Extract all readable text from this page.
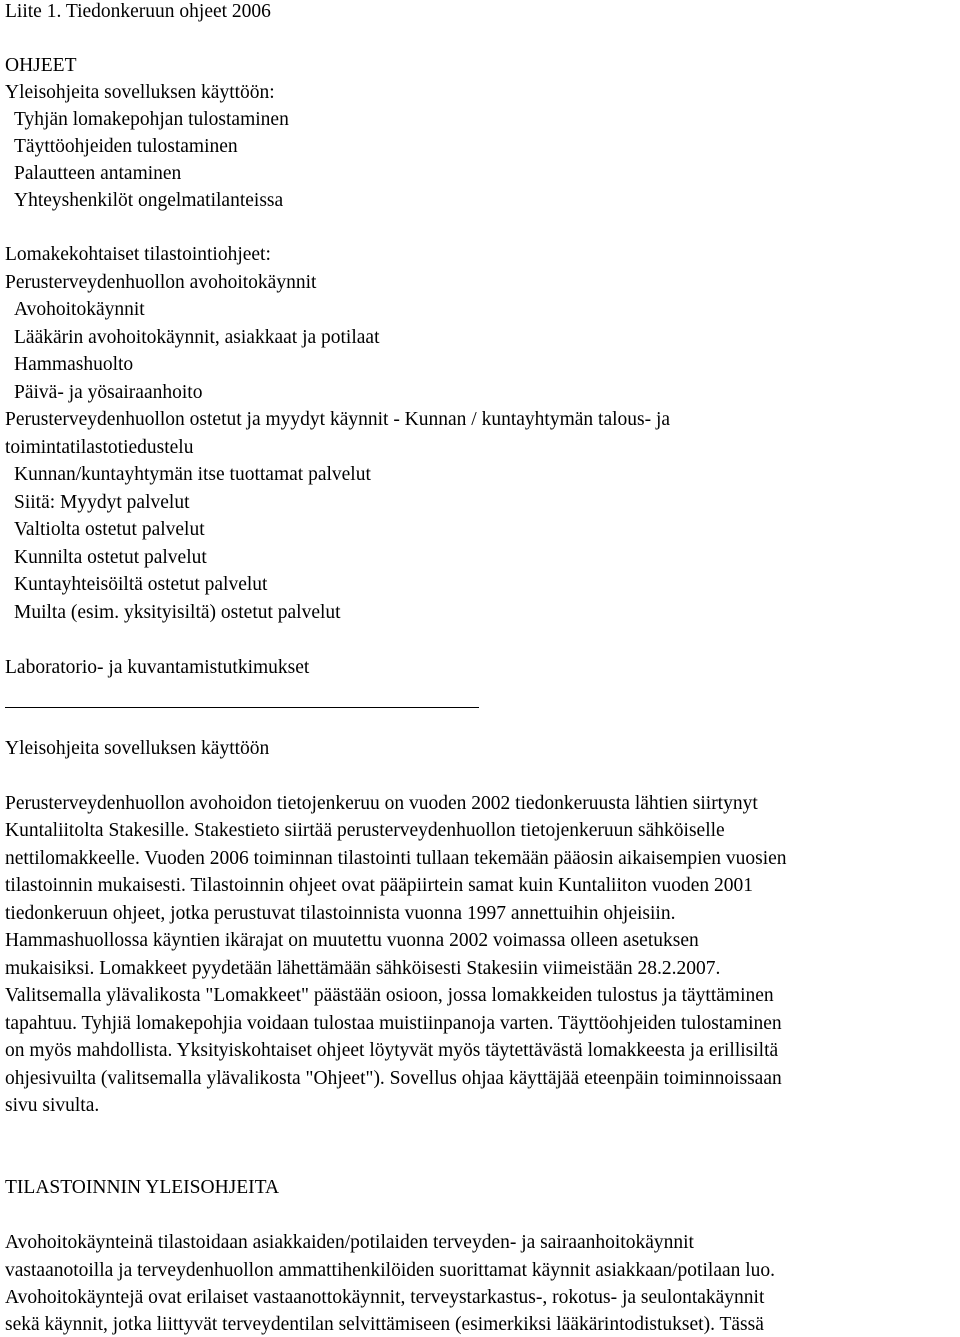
Liite 1. Tiedonkeruun ohjeet 2006
OHJEET
Yleisohjeita sovelluksen käyttöön:
Tyhjän lomakepohjan tulostaminen
Täyttöohjeiden tulostaminen
Palautteen antaminen
Yhteyshenkilöt ongelmatilanteissa
Lomakekohtaiset tilastointiohjeet:
Perusterveydenhuollon avohoitokäynnit
Avohoitokäynnit
Lääkärin avohoitokäynnit, asiakkaat ja potilaat
Hammashuolto
Päivä- ja yösairaanhoito
Perusterveydenhuollon ostetut ja myydyt käynnit - Kunnan / kuntayhtymän talous- ja
toimintatilastotiedustelu
Kunnan/kuntayhtymän itse tuottamat palvelut
Siitä: Myydyt palvelut
Valtiolta ostetut palvelut
Kunnilta ostetut palvelut
Kuntayhteisöiltä ostetut palvelut
Muilta (esim. yksityisiltä) ostetut palvelut
Laboratorio- ja kuvantamistutkimukset
Yleisohjeita sovelluksen käyttöön
Perusterveydenhuollon avohoidon tietojenkeruu on vuoden 2002 tiedonkeruusta lähtien siirtynyt
Kuntaliitolta Stakesille. Stakestieto siirtää perusterveydenhuollon tietojenkeruun sähköiselle
nettilomakkeelle. Vuoden 2006 toiminnan tilastointi tullaan tekemään pääosin aikaisempien vuosien
tilastoinnin mukaisesti. Tilastoinnin ohjeet ovat pääpiirtein samat kuin Kuntaliiton vuoden 2001
tiedonkeruun ohjeet, jotka perustuvat tilastoinnista vuonna 1997 annettuihin ohjeisiin.
Hammashuollossa käyntien ikärajat on muutettu vuonna 2002 voimassa olleen asetuksen
mukaisiksi. Lomakkeet pyydetään lähettämään sähköisesti Stakesiin viimeistään 28.2.2007.
Valitsemalla ylävalikosta "Lomakkeet" päästään osioon, jossa lomakkeiden tulostus ja täyttäminen
tapahtuu. Tyhjiä lomakepohjia voidaan tulostaa muistiinpanoja varten. Täyttöohjeiden tulostaminen
on myös mahdollista. Yksityiskohtaiset ohjeet löytyvät myös täytettävästä lomakkeesta ja erillisiltä
ohjesivuilta (valitsemalla ylävalikosta "Ohjeet"). Sovellus ohjaa käyttäjää eteenpäin toiminnoissaan
sivu sivulta.
TILASTOINNIN YLEISOHJEITA
Avohoitokäynteinä tilastoidaan asiakkaiden/potilaiden terveyden- ja sairaanhoitokäynnit
vastaanotoilla ja terveydenhuollon ammattihenkilöiden suorittamat käynnit asiakkaan/potilaan luo.
Avohoitokäyntejä ovat erilaiset vastaanottokäynnit, terveystarkastus-, rokotus- ja seulontakäynnit
sekä käynnit, jotka liittyvät terveydentilan selvittämiseen (esimerkiksi lääkärintodistukset). Tässä
